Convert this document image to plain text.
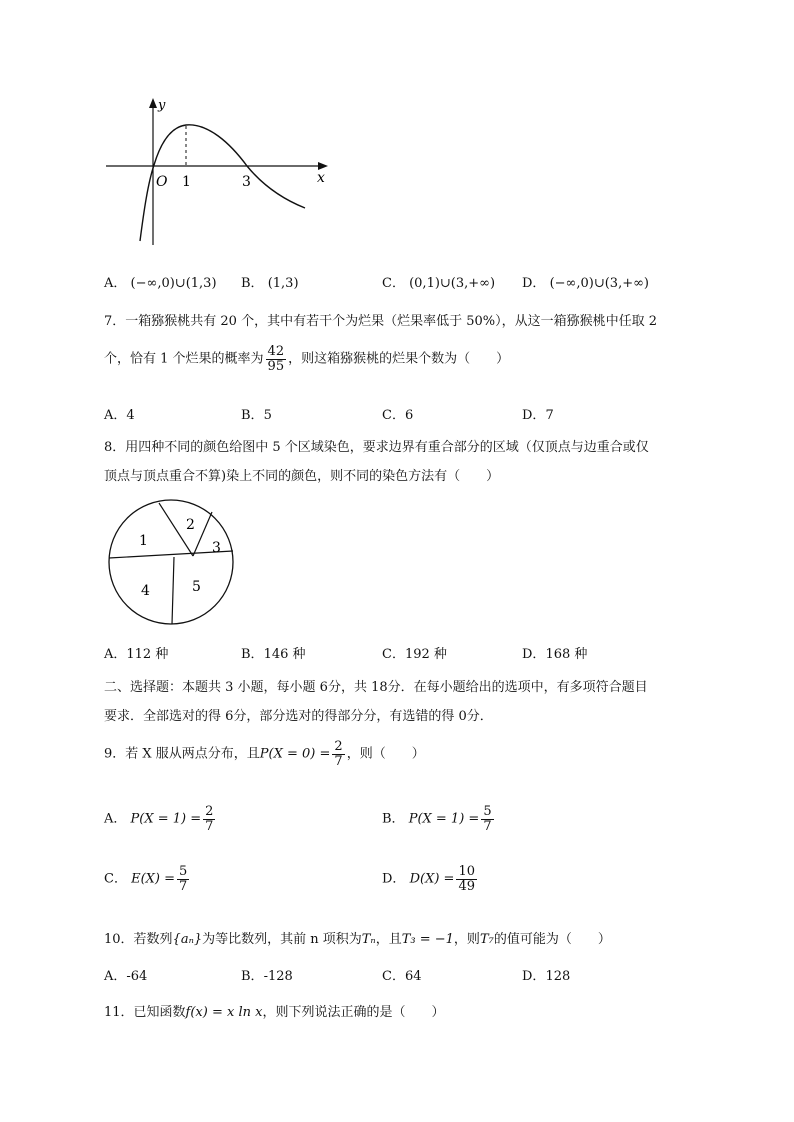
y
x
O 1	3
A． (−∞,0)∪(1,3) B． (1,3)	C． (0,1)∪(3,+∞) D． (−∞,0)∪(3,+∞)
7．一箱猕猴桃共有 20 个，其中有若干个为烂果（烂果率低于 50%），从这一箱猕猴桃中任取 2
个，恰有 1 个烂果的概率为 $\frac{42}{95}$ ，则这箱猕猴桃的烂果个数为（　　）
A．4	B．5	C．6	D．7
8．用四种不同的颜色给图中 5 个区域染色，要求边界有重合部分的区域（仅顶点与边重合或仅
顶点与顶点重合不算)染上不同的颜色，则不同的染色方法有（　　）
1
2
3
4	5
A．112 种	B．146 种	C．192 种	D．168 种
二、选择题：本题共 3 小题，每小题 6分，共 18分．在每小题给出的选项中，有多项符合题目
要求．全部选对的得 6分，部分选对的得部分分，有选错的得 0分．
9．若 X 服从两点分布，且$P(X = 0) = \frac{2}{7}$ ，则（　　）
A． $P(X = 1) = \frac{2}{7}$	B． $P(X = 1) = \frac{5}{7}$
C． $E(X) = \frac{5}{7}$	D． $D(X) = \frac{10}{49}$
10．若数列{aₙ}为等比数列，其前 n 项积为Tₙ，且T₃ = −1，则T₇的值可能为（　　）
A．-64	B．-128	C．64	D．128
11．已知函数f(x) = x ln x，则下列说法正确的是（　　）
